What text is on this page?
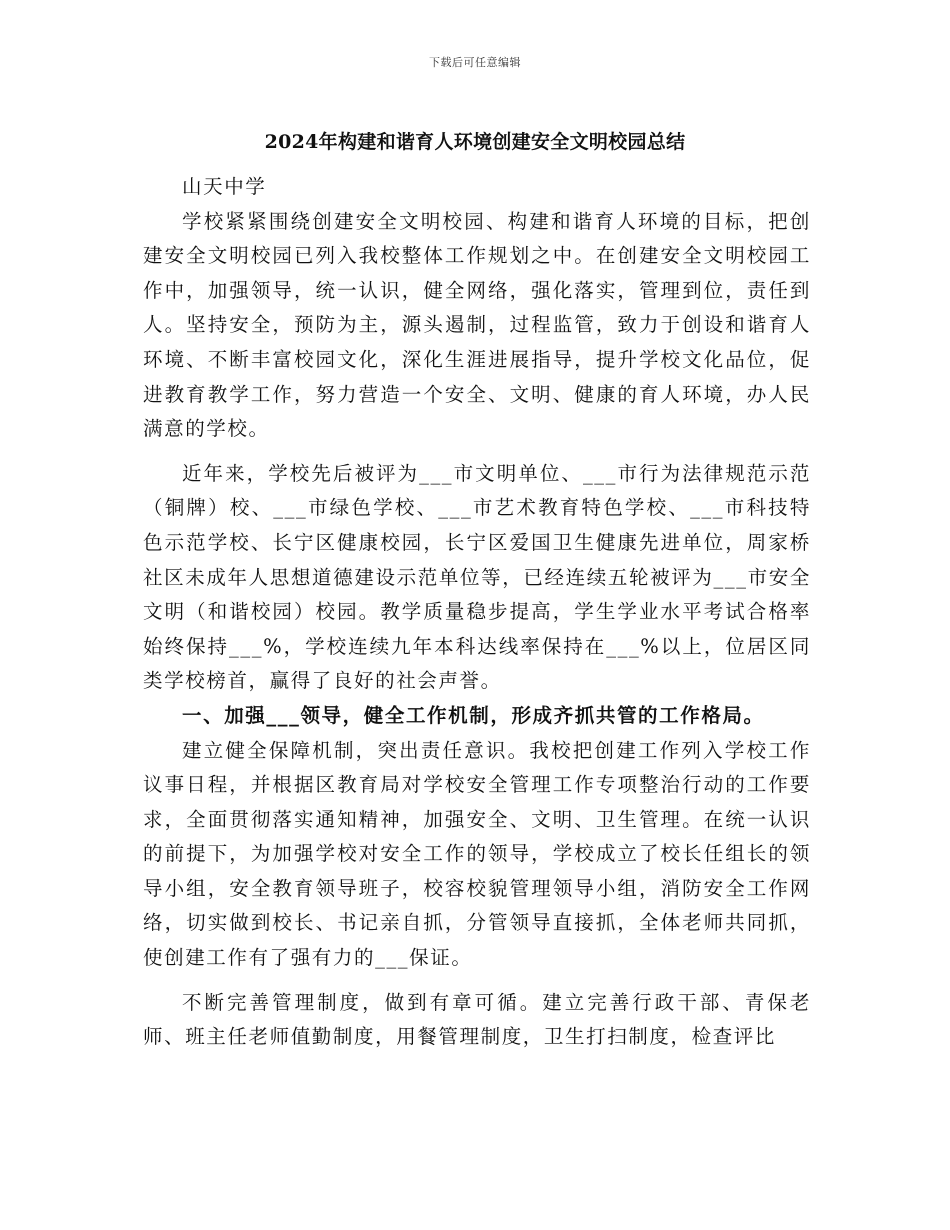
下载后可任意编辑
2024年构建和谐育人环境创建安全文明校园总结

山天中学

学校紧紧围绕创建安全文明校园、构建和谐育人环境的目标，把创建安全文明校园已列入我校整体工作规划之中。在创建安全文明校园工作中，加强领导，统一认识，健全网络，强化落实，管理到位，责任到人。坚持安全，预防为主，源头遏制，过程监管，致力于创设和谐育人环境、不断丰富校园文化，深化生涯进展指导，提升学校文化品位，促进教育教学工作，努力营造一个安全、文明、健康的育人环境，办人民满意的学校。

近年来，学校先后被评为___市文明单位、___市行为法律规范示范（铜牌）校、___市绿色学校、___市艺术教育特色学校、___市科技特色示范学校、长宁区健康校园，长宁区爱国卫生健康先进单位，周家桥社区未成年人思想道德建设示范单位等，已经连续五轮被评为___市安全文明（和谐校园）校园。教学质量稳步提高，学生学业水平考试合格率始终保持___%，学校连续九年本科达线率保持在___%以上，位居区同类学校榜首，赢得了良好的社会声誉。

一、加强___领导，健全工作机制，形成齐抓共管的工作格局。

建立健全保障机制，突出责任意识。我校把创建工作列入学校工作议事日程，并根据区教育局对学校安全管理工作专项整治行动的工作要求，全面贯彻落实通知精神，加强安全、文明、卫生管理。在统一认识的前提下，为加强学校对安全工作的领导，学校成立了校长任组长的领导小组，安全教育领导班子，校容校貌管理领导小组，消防安全工作网络，切实做到校长、书记亲自抓，分管领导直接抓，全体老师共同抓，使创建工作有了强有力的___保证。

不断完善管理制度，做到有章可循。建立完善行政干部、青保老师、班主任老师值勤制度，用餐管理制度，卫生打扫制度，检查评比
